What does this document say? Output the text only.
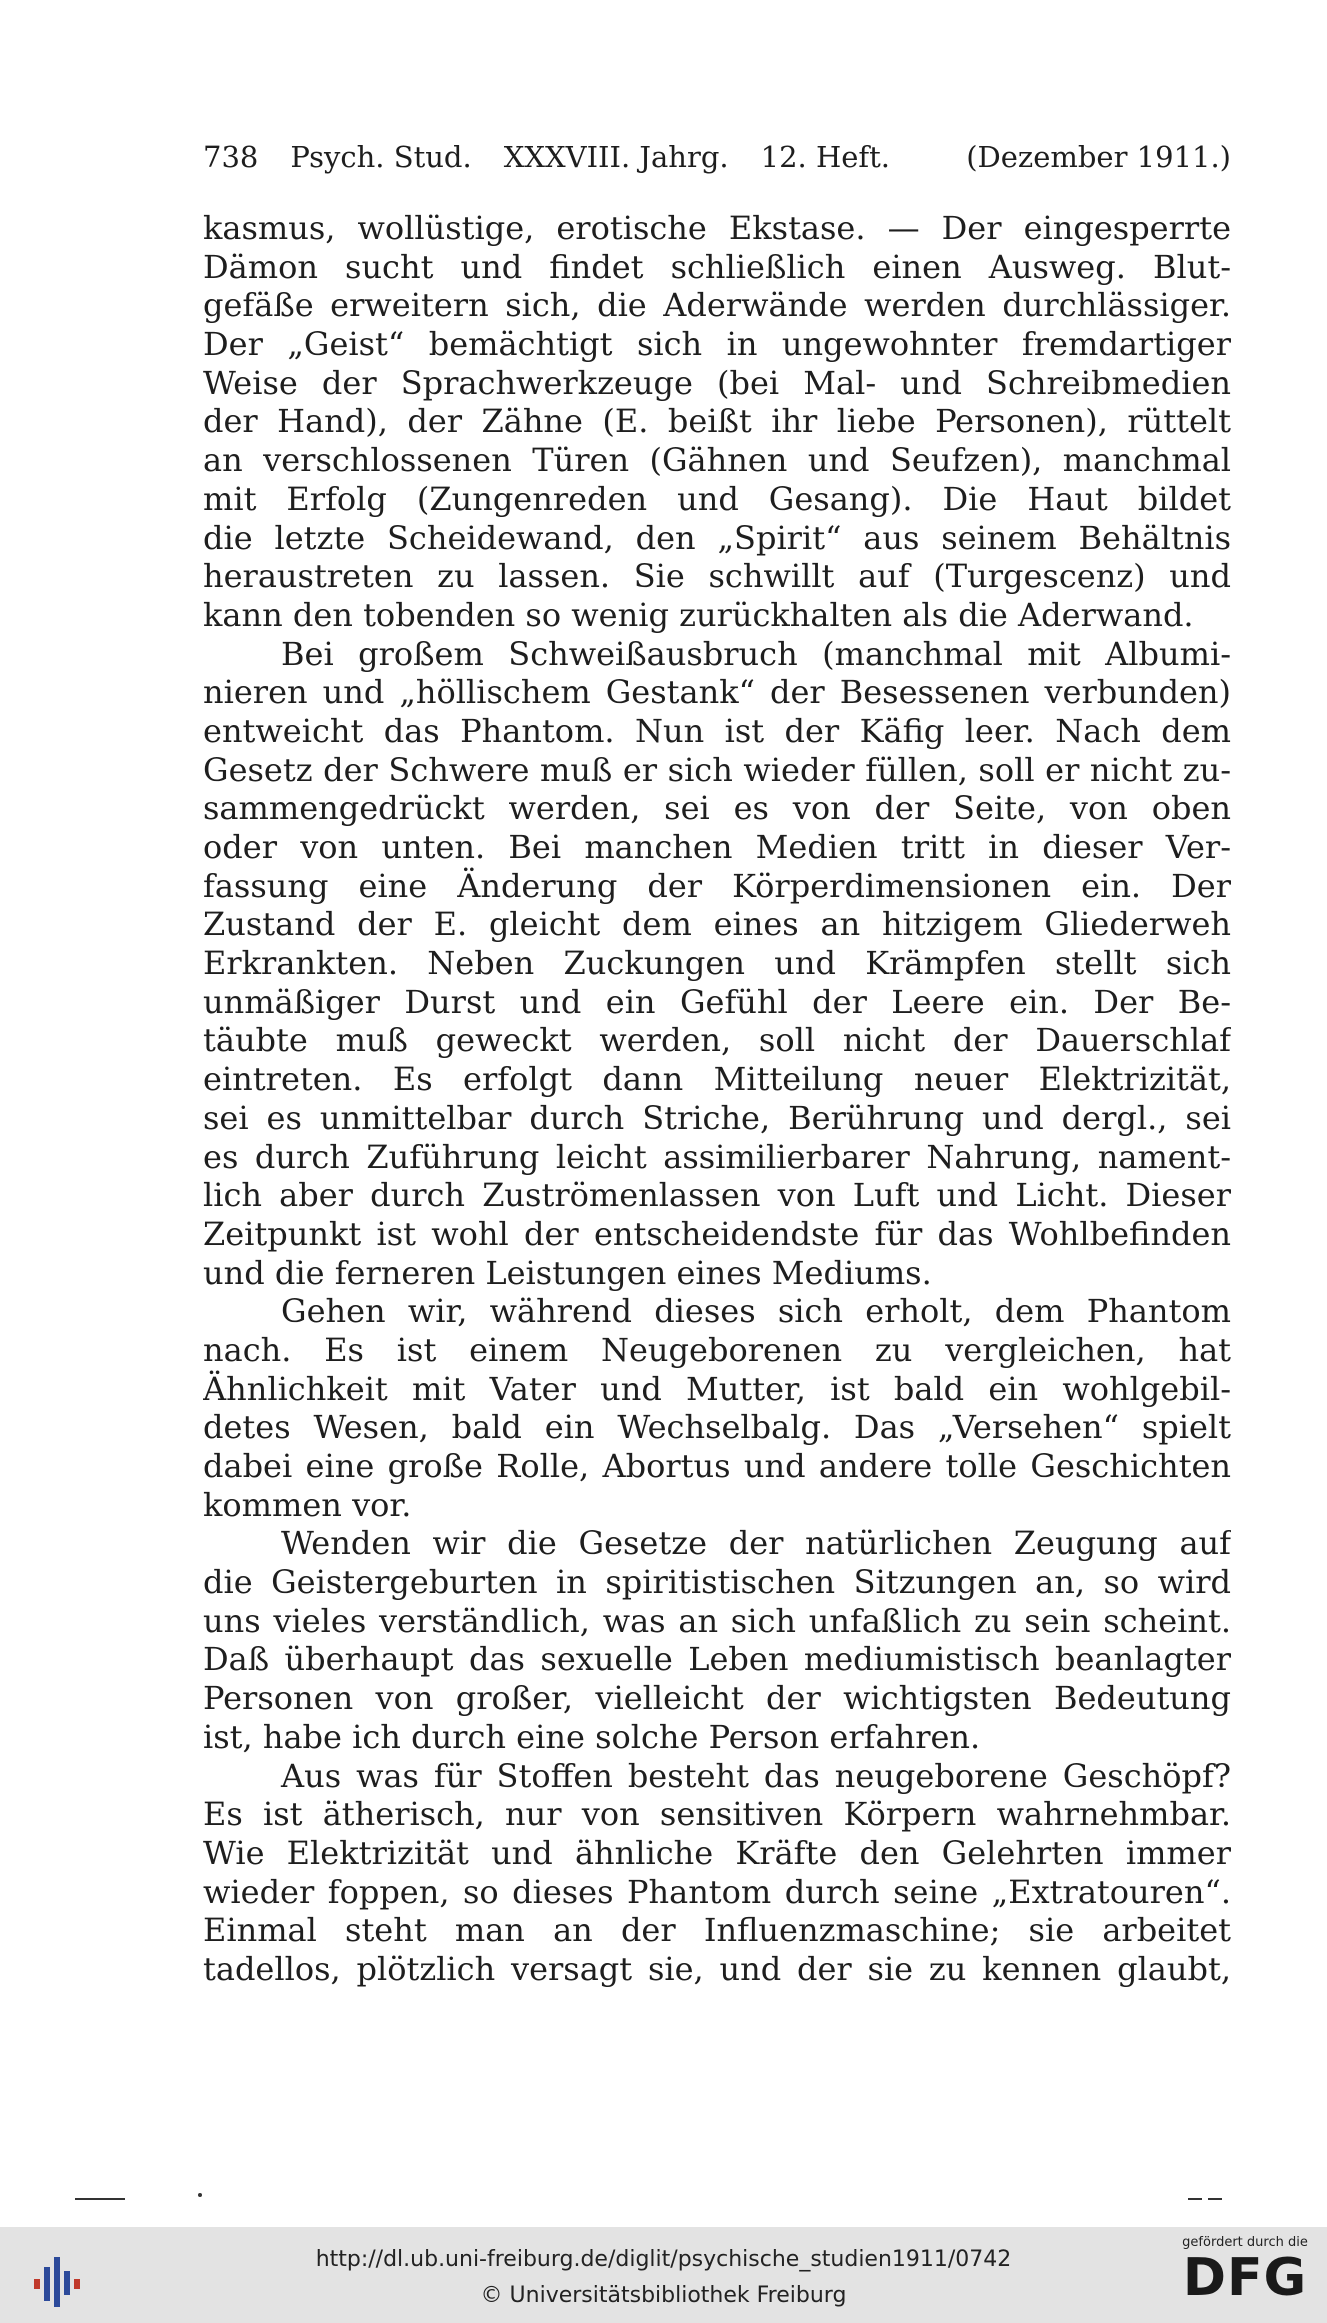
738 Psych. Stud. XXXVIII. Jahrg. 12. Heft.	(Dezember 1911.)
kasmus, wollüstige, erotische Ekstase. — Der eingesperrte
Dämon sucht und findet schließlich einen Ausweg. Blut-
gefäße erweitern sich, die Aderwände werden durchlässiger.
Der „Geist“ bemächtigt sich in ungewohnter fremdartiger
Weise der Sprachwerkzeuge (bei Mal- und Schreibmedien
der Hand), der Zähne (E. beißt ihr liebe Personen), rüttelt
an verschlossenen Türen (Gähnen und Seufzen), manchmal
mit Erfolg (Zungenreden und Gesang). Die Haut bildet
die letzte Scheidewand, den „Spirit“ aus seinem Behältnis
heraustreten zu lassen. Sie schwillt auf (Turgescenz) und
kann den tobenden so wenig zurückhalten als die Aderwand.
Bei großem Schweißausbruch (manchmal mit Albumi-
nieren und „höllischem Gestank“ der Besessenen verbunden)
entweicht das Phantom. Nun ist der Käfig leer. Nach dem
Gesetz der Schwere muß er sich wieder füllen, soll er nicht zu-
sammengedrückt werden, sei es von der Seite, von oben
oder von unten. Bei manchen Medien tritt in dieser Ver-
fassung eine Änderung der Körperdimensionen ein. Der
Zustand der E. gleicht dem eines an hitzigem Gliederweh
Erkrankten. Neben Zuckungen und Krämpfen stellt sich
unmäßiger Durst und ein Gefühl der Leere ein. Der Be-
täubte muß geweckt werden, soll nicht der Dauerschlaf
eintreten. Es erfolgt dann Mitteilung neuer Elektrizität,
sei es unmittelbar durch Striche, Berührung und dergl., sei
es durch Zuführung leicht assimilierbarer Nahrung, nament-
lich aber durch Zuströmenlassen von Luft und Licht. Dieser
Zeitpunkt ist wohl der entscheidendste für das Wohlbefinden
und die ferneren Leistungen eines Mediums.
Gehen wir, während dieses sich erholt, dem Phantom
nach. Es ist einem Neugeborenen zu vergleichen, hat
Ähnlichkeit mit Vater und Mutter, ist bald ein wohlgebil-
detes Wesen, bald ein Wechselbalg. Das „Versehen“ spielt
dabei eine große Rolle, Abortus und andere tolle Geschichten
kommen vor.
Wenden wir die Gesetze der natürlichen Zeugung auf
die Geistergeburten in spiritistischen Sitzungen an, so wird
uns vieles verständlich, was an sich unfaßlich zu sein scheint.
Daß überhaupt das sexuelle Leben mediumistisch beanlagter
Personen von großer, vielleicht der wichtigsten Bedeutung
ist, habe ich durch eine solche Person erfahren.
Aus was für Stoffen besteht das neugeborene Geschöpf?
Es ist ätherisch, nur von sensitiven Körpern wahrnehmbar.
Wie Elektrizität und ähnliche Kräfte den Gelehrten immer
wieder foppen, so dieses Phantom durch seine „Extratouren“.
Einmal steht man an der Influenzmaschine; sie arbeitet
tadellos, plötzlich versagt sie, und der sie zu kennen glaubt,
http://dl.ub.uni-freiburg.de/diglit/psychische_studien1911/0742
© Universitätsbibliothek Freiburg
gefördert durch die
DFG
